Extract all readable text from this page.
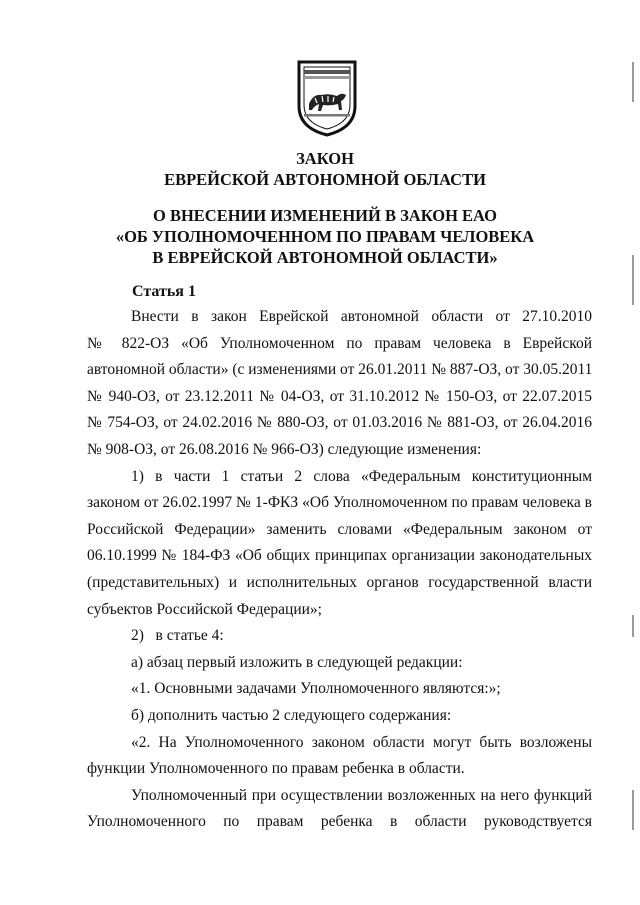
ЗАКОН
ЕВРЕЙСКОЙ АВТОНОМНОЙ ОБЛАСТИ
О ВНЕСЕНИИ ИЗМЕНЕНИЙ В ЗАКОН ЕАО
«ОБ УПОЛНОМОЧЕННОМ ПО ПРАВАМ ЧЕЛОВЕКА
В ЕВРЕЙСКОЙ АВТОНОМНОЙ ОБЛАСТИ»
Статья 1
Внести в закон Еврейской автономной области от 27.10.2010
№ 822-ОЗ «Об Уполномоченном по правам человека в Еврейской
автономной области» (с изменениями от 26.01.2011 № 887-ОЗ, от 30.05.2011
№ 940-ОЗ, от 23.12.2011 № 04-ОЗ, от 31.10.2012 № 150-ОЗ, от 22.07.2015
№ 754-ОЗ, от 24.02.2016 № 880-ОЗ, от 01.03.2016 № 881-ОЗ, от 26.04.2016
№ 908-ОЗ, от 26.08.2016 № 966-ОЗ) следующие изменения:
1) в части 1 статьи 2 слова «Федеральным конституционным
законом от 26.02.1997 № 1-ФКЗ «Об Уполномоченном по правам человека в
Российской Федерации» заменить словами «Федеральным законом от
06.10.1999 № 184-ФЗ «Об общих принципах организации законодательных
(представительных) и исполнительных органов государственной власти
субъектов Российской Федерации»;
2)   в статье 4:
а) абзац первый изложить в следующей редакции:
«1. Основными задачами Уполномоченного являются:»;
б) дополнить частью 2 следующего содержания:
«2. На Уполномоченного законом области могут быть возложены
функции Уполномоченного по правам ребенка в области.
Уполномоченный при осуществлении возложенных на него функций
Уполномоченного по правам ребенка в области руководствуется
